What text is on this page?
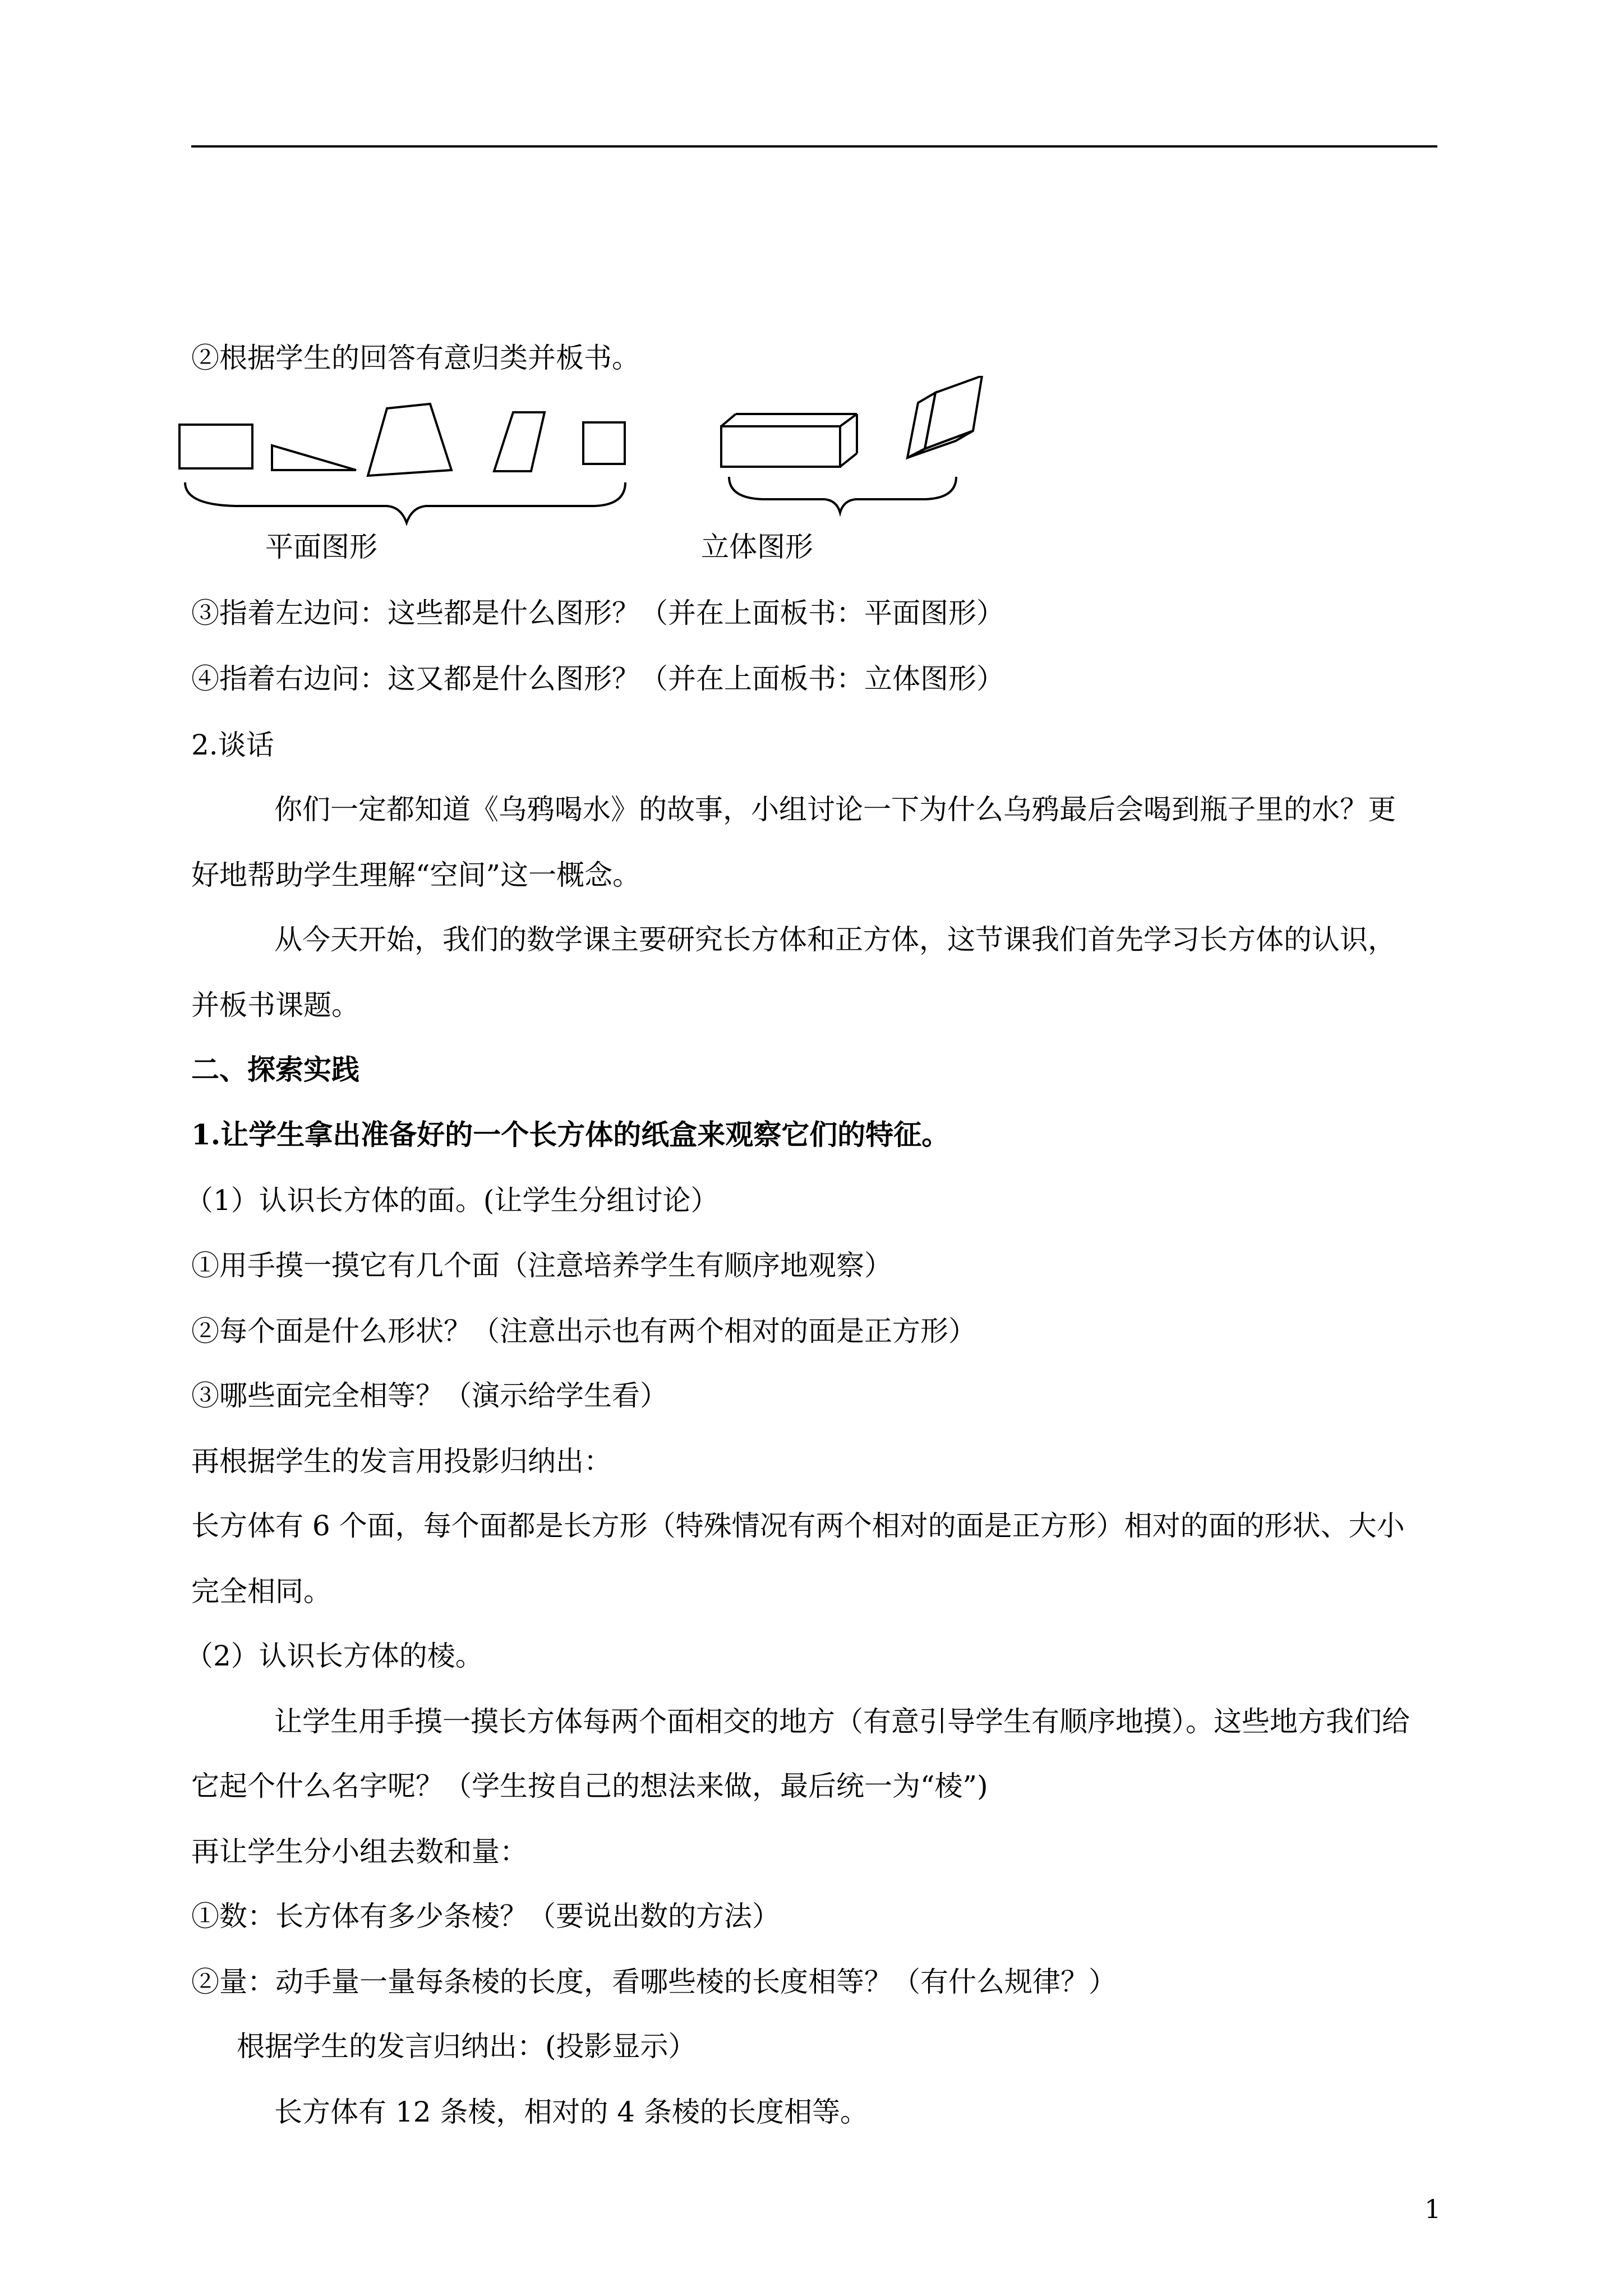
②根据学生的回答有意归类并板书。
平面图形	立体图形
③指着左边问：这些都是什么图形？（并在上面板书：平面图形）
④指着右边问：这又都是什么图形？（并在上面板书：立体图形）
2.谈话
你们一定都知道《乌鸦喝水》的故事，小组讨论一下为什么乌鸦最后会喝到瓶子里的水？更
好地帮助学生理解“空间”这一概念。
从今天开始，我们的数学课主要研究长方体和正方体，这节课我们首先学习长方体的认识，
并板书课题。
二、探索实践
1.让学生拿出准备好的一个长方体的纸盒来观察它们的特征。
（1）认识长方体的面。(让学生分组讨论）
①用手摸一摸它有几个面（注意培养学生有顺序地观察）
②每个面是什么形状？（注意出示也有两个相对的面是正方形）
③哪些面完全相等？（演示给学生看）
再根据学生的发言用投影归纳出：
长方体有 6 个面，每个面都是长方形（特殊情况有两个相对的面是正方形）相对的面的形状、大小
完全相同。
（2）认识长方体的棱。
让学生用手摸一摸长方体每两个面相交的地方（有意引导学生有顺序地摸）。这些地方我们给
它起个什么名字呢？（学生按自己的想法来做，最后统一为“棱”)
再让学生分小组去数和量：
①数：长方体有多少条棱？（要说出数的方法）
②量：动手量一量每条棱的长度，看哪些棱的长度相等？（有什么规律？）
根据学生的发言归纳出：(投影显示）
长方体有 12 条棱，相对的 4 条棱的长度相等。
1
